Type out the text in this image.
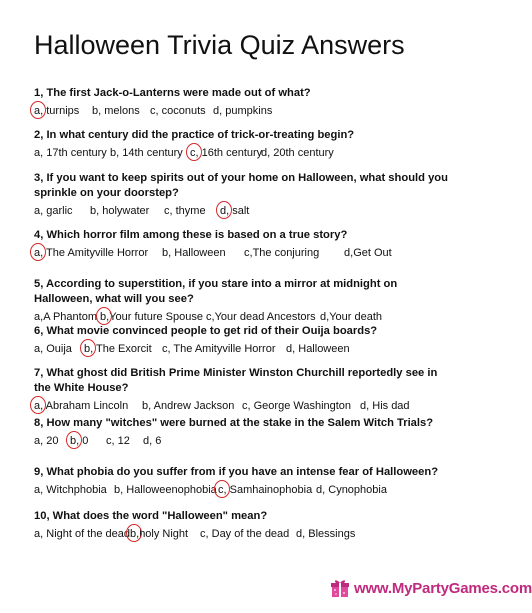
Halloween Trivia Quiz Answers

1, The first Jack-o-Lanterns were made out of what?

a, turnips b, melons c, coconuts d, pumpkins

2, In what century did the practice of trick-or-treating begin?

a, 17th century b, 14th century c, 16th century
d, 20th century

3, If you want to keep spirits out of your home on Halloween, what should you sprinkle on your doorstep?

a, garlic b, holywater c, thyme d, salt

4, Which horror film among these is based on a true story?

a, The Amityville Horror b, Halloween c,The conjuring d,Get Out

5, According to superstition, if you stare into a mirror at midnight on Halloween, what will you see?

a,A Phantom b,Your future Spouse c,Your dead Ancestors d,Your death

6, What movie convinced people to get rid of their Ouija boards?

a, Ouija b, The Exorcit c, The Amityville Horror d, Halloween

7, What ghost did British Prime Minister Winston Churchill reportedly see in the White House?

a, Abraham Lincoln b, Andrew Jackson c, George Washington d, His dad

8, How many "witches" were burned at the stake in the Salem Witch Trials?

a, 20 b, 0 c, 12 d, 6

9, What phobia do you suffer from if you have an intense fear of Halloween?

a, Witchphobia b, Halloweenophobia c, Samhainophobia d, Cynophobia

10, What does the word "Halloween" mean?

a, Night of the dead b,holy Night c, Day of the dead d, Blessings
www.MyPartyGames.com
